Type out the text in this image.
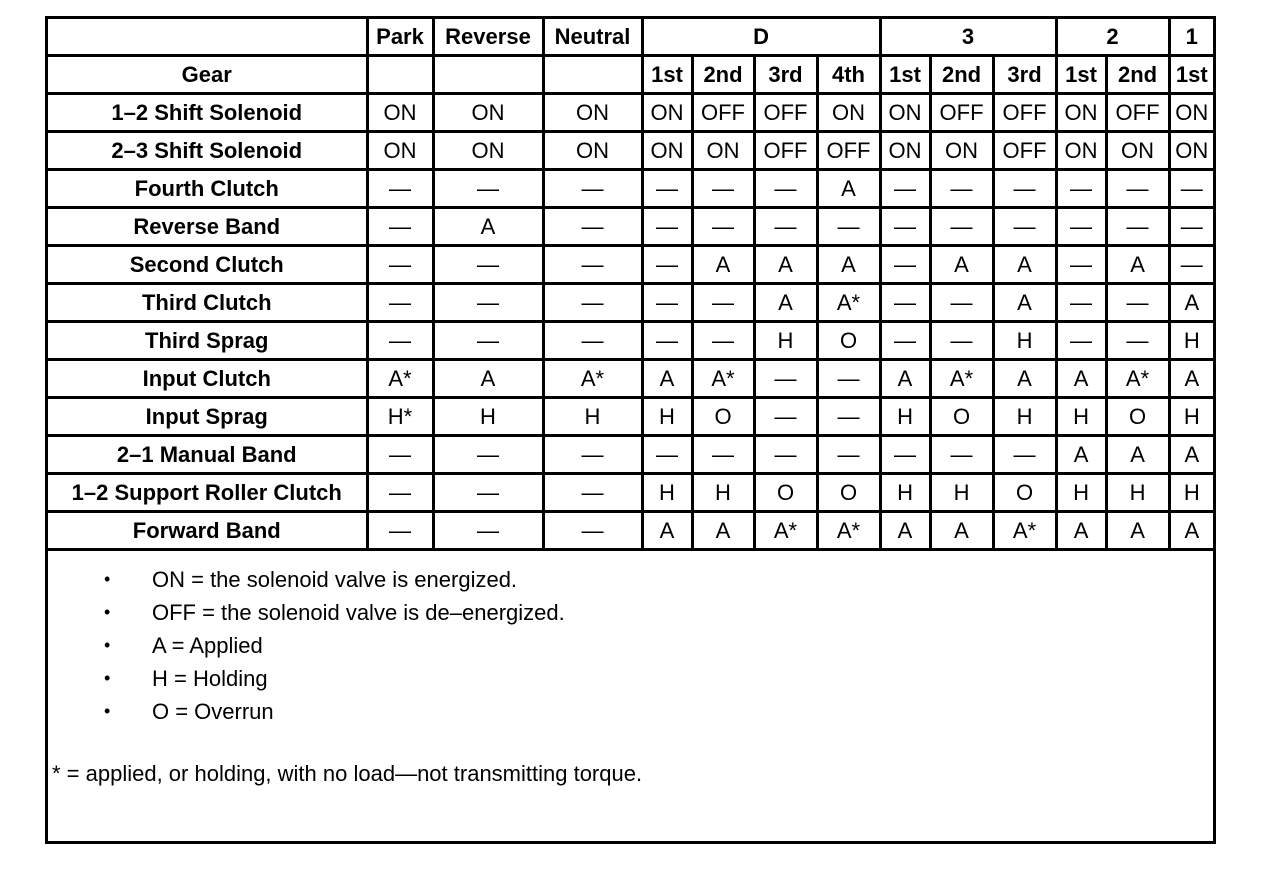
	Park	Reverse	Neutral	D				3			2		1
Gear				1st	2nd	3rd	4th	1st	2nd	3rd	1st	2nd	1st
1–2 Shift Solenoid	ON	ON	ON	ON	OFF	OFF	ON	ON	OFF	OFF	ON	OFF	ON
2–3 Shift Solenoid	ON	ON	ON	ON	ON	OFF	OFF	ON	ON	OFF	ON	ON	ON
Fourth Clutch	—	—	—	—	—	—	A	—	—	—	—	—	—
Reverse Band	—	A	—	—	—	—	—	—	—	—	—	—	—
Second Clutch	—	—	—	—	A	A	A	—	A	A	—	A	—
Third Clutch	—	—	—	—	—	A	A*	—	—	A	—	—	A
Third Sprag	—	—	—	—	—	H	O	—	—	H	—	—	H
Input Clutch	A*	A	A*	A	A*	—	—	A	A*	A	A	A*	A
Input Sprag	H*	H	H	H	O	—	—	H	O	H	H	O	H
2–1 Manual Band	—	—	—	—	—	—	—	—	—	—	A	A	A
1–2 Support Roller Clutch	—	—	—	H	H	O	O	H	H	O	H	H	H
Forward Band	—	—	—	A	A	A*	A*	A	A	A*	A	A	A
• ON = the solenoid valve is energized.
• OFF = the solenoid valve is de–energized.
• A = Applied
• H = Holding
• O = Overrun
* = applied, or holding, with no load—not transmitting torque.
